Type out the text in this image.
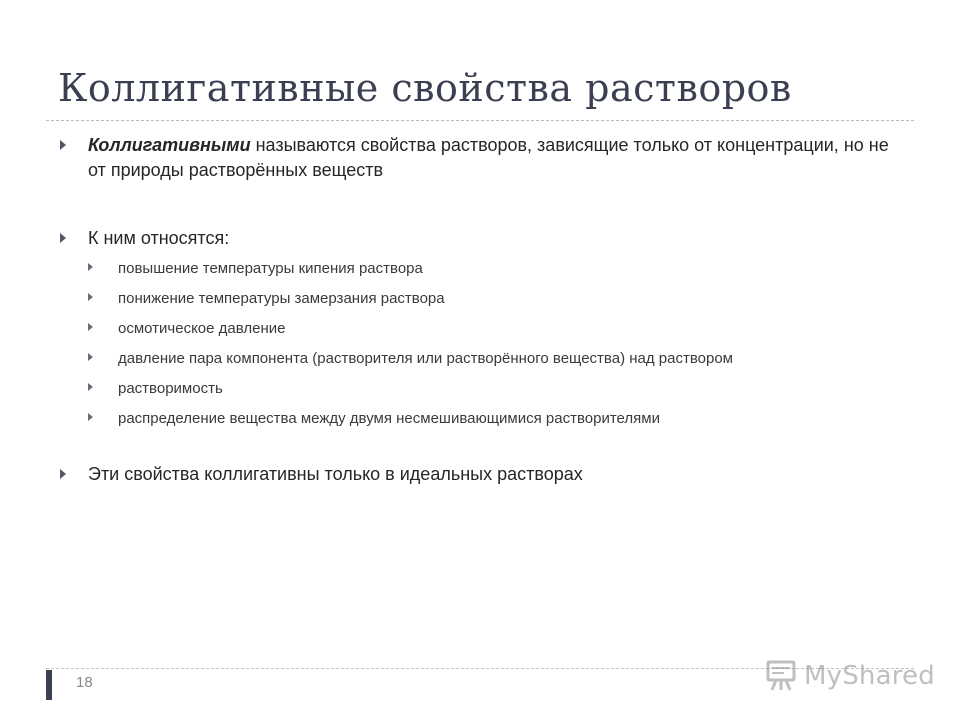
Коллигативные свойства растворов
Коллигативными называются свойства растворов, зависящие только от концентрации, но не от природы растворённых веществ
К ним относятся:
повышение температуры кипения раствора
понижение температуры замерзания раствора
осмотическое давление
давление пара компонента (растворителя или растворённого вещества) над раствором
растворимость
распределение вещества между двумя несмешивающимися растворителями
Эти свойства коллигативны только в идеальных растворах
18	MyShared
